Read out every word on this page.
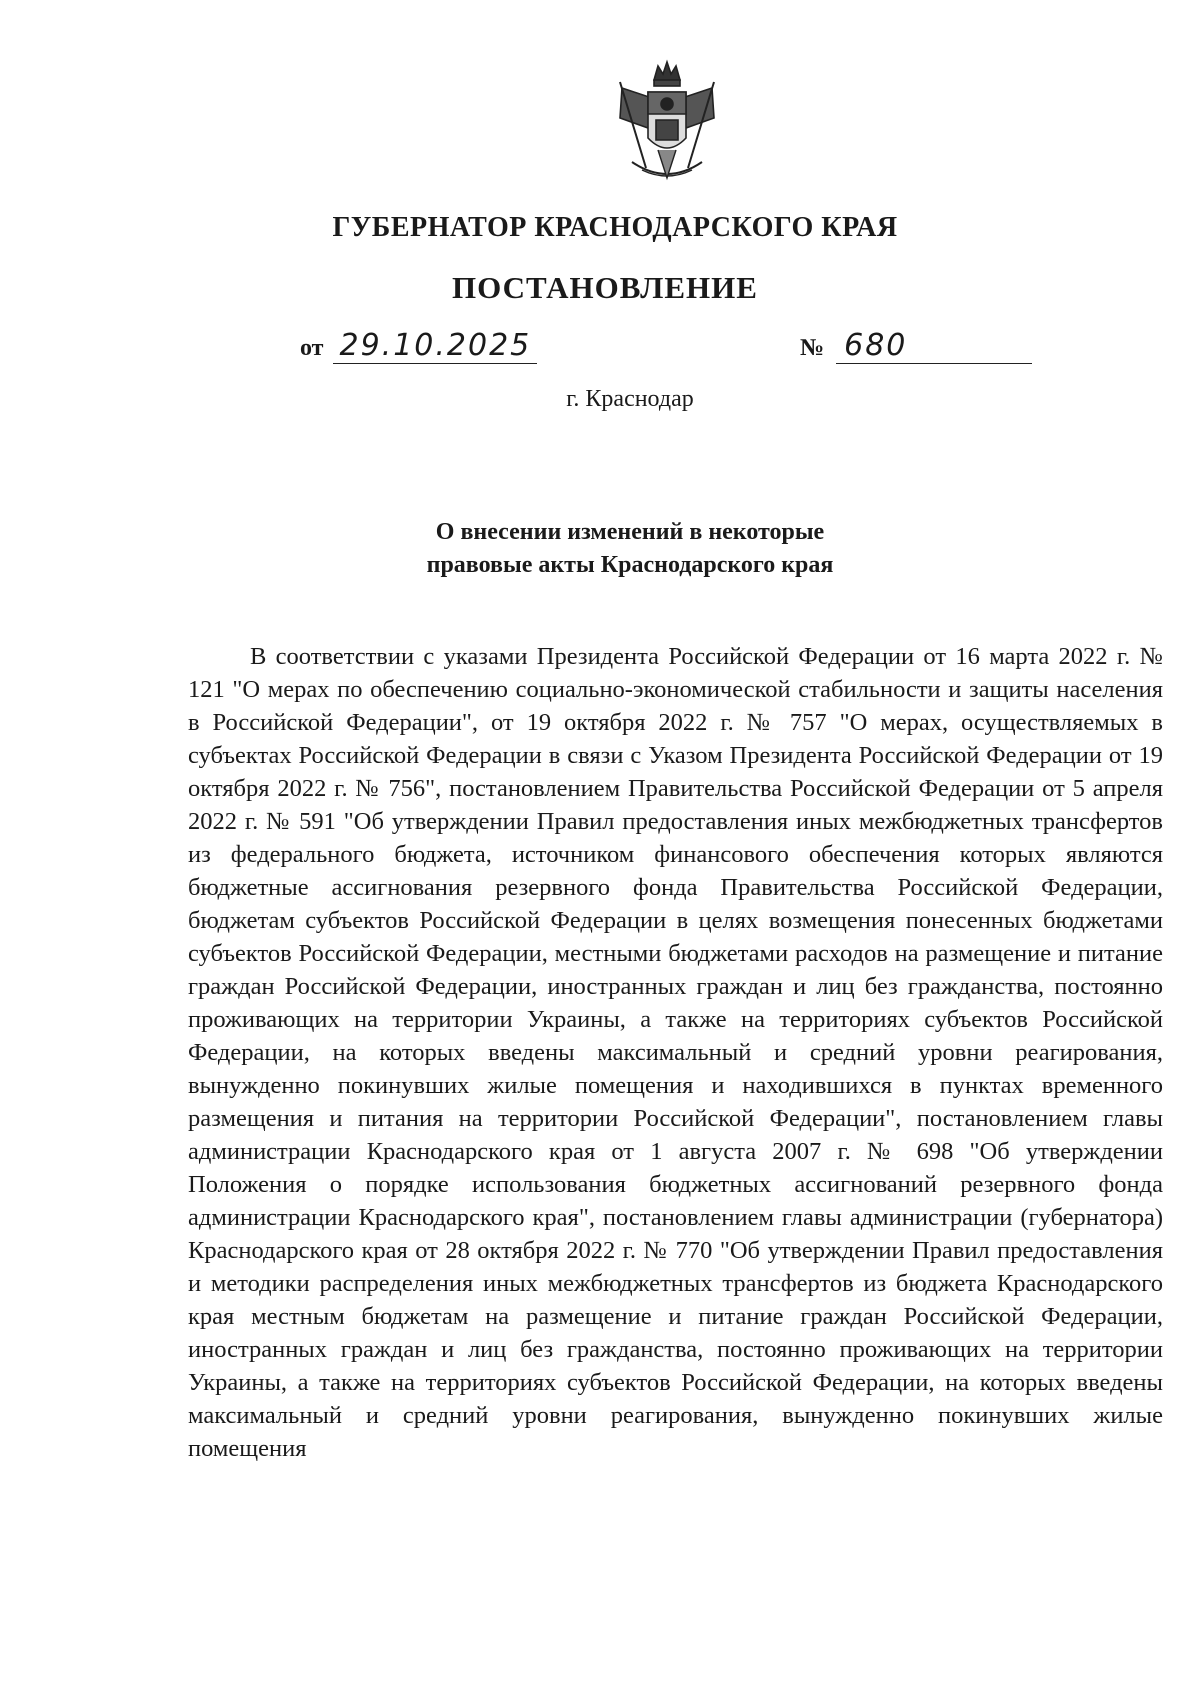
ГУБЕРНАТОР КРАСНОДАРСКОГО КРАЯ
ПОСТАНОВЛЕНИЕ
от 29.10.2025	№ 680
г. Краснодар
О внесении изменений в некоторые
правовые акты Краснодарского края

В соответствии с указами Президента Российской Федерации от 16 марта 2022 г. № 121 "О мерах по обеспечению социально-экономической стабильности и защиты населения в Российской Федерации", от 19 октября 2022 г. № 757 "О мерах, осуществляемых в субъектах Российской Федерации в связи с Указом Президента Российской Федерации от 19 октября 2022 г. № 756", постановлением Правительства Российской Федерации от 5 апреля 2022 г. № 591 "Об утверждении Правил предоставления иных межбюджетных трансфертов из федерального бюджета, источником финансового обеспечения которых являются бюджетные ассигнования резервного фонда Правительства Российской Федерации, бюджетам субъектов Российской Федерации в целях возмещения понесенных бюджетами субъектов Российской Федерации, местными бюджетами расходов на размещение и питание граждан Российской Федерации, иностранных граждан и лиц без гражданства, постоянно проживающих на территории Украины, а также на территориях субъектов Российской Федерации, на которых введены максимальный и средний уровни реагирования, вынужденно покинувших жилые помещения и находившихся в пунктах временного размещения и питания на территории Российской Федерации", постановлением главы администрации Краснодарского края от 1 августа 2007 г. № 698 "Об утверждении Положения о порядке использования бюджетных ассигнований резервного фонда администрации Краснодарского края", постановлением главы администрации (губернатора) Краснодарского края от 28 октября 2022 г. № 770 "Об утверждении Правил предоставления и методики распределения иных межбюджетных трансфертов из бюджета Краснодарского края местным бюджетам на размещение и питание граждан Российской Федерации, иностранных граждан и лиц без гражданства, постоянно проживающих на территории Украины, а также на территориях субъектов Российской Федерации, на которых введены максимальный и средний уровни реагирования, вынужденно покинувших жилые помещения
